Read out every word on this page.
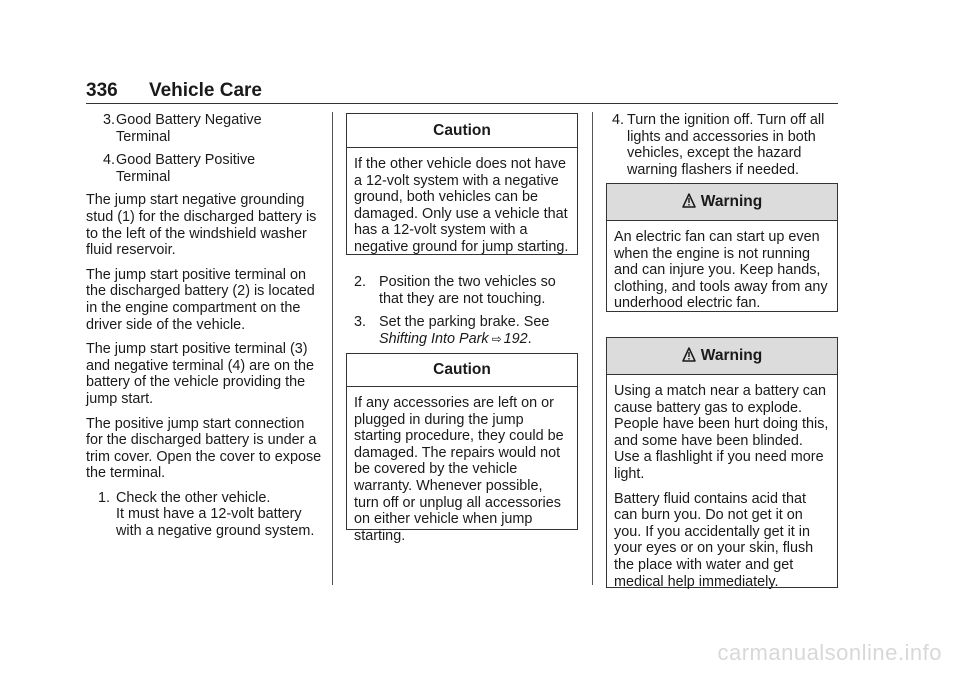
336 Vehicle Care
3. Good Battery Negative
Terminal
4. Good Battery Positive
Terminal

The jump start negative grounding stud (1) for the discharged battery is to the left of the windshield washer fluid reservoir.

The jump start positive terminal on the discharged battery (2) is located in the engine compartment on the driver side of the vehicle.

The jump start positive terminal (3) and negative terminal (4) are on the battery of the vehicle providing the jump start.

The positive jump start connection for the discharged battery is under a trim cover. Open the cover to expose the terminal.

1. Check the other vehicle.
It must have a 12-volt battery
with a negative ground system.
Caution
If the other vehicle does not have a 12-volt system with a negative ground, both vehicles can be damaged. Only use a vehicle that has a 12-volt system with a negative ground for jump starting.
2. Position the two vehicles so
that they are not touching.
3. Set the parking brake. See
Shifting Into Park ⇨ 192.
Caution
If any accessories are left on or plugged in during the jump starting procedure, they could be damaged. The repairs would not be covered by the vehicle warranty. Whenever possible, turn off or unplug all accessories on either vehicle when jump starting.
4. Turn the ignition off. Turn off all
lights and accessories in both
vehicles, except the hazard
warning flashers if needed.
Warning
An electric fan can start up even when the engine is not running and can injure you. Keep hands, clothing, and tools away from any underhood electric fan.
Warning

Using a match near a battery can cause battery gas to explode. People have been hurt doing this, and some have been blinded. Use a flashlight if you need more light.

Battery fluid contains acid that can burn you. Do not get it on you. If you accidentally get it in your eyes or on your skin, flush the place with water and get medical help immediately.

carmanualsonline.info
